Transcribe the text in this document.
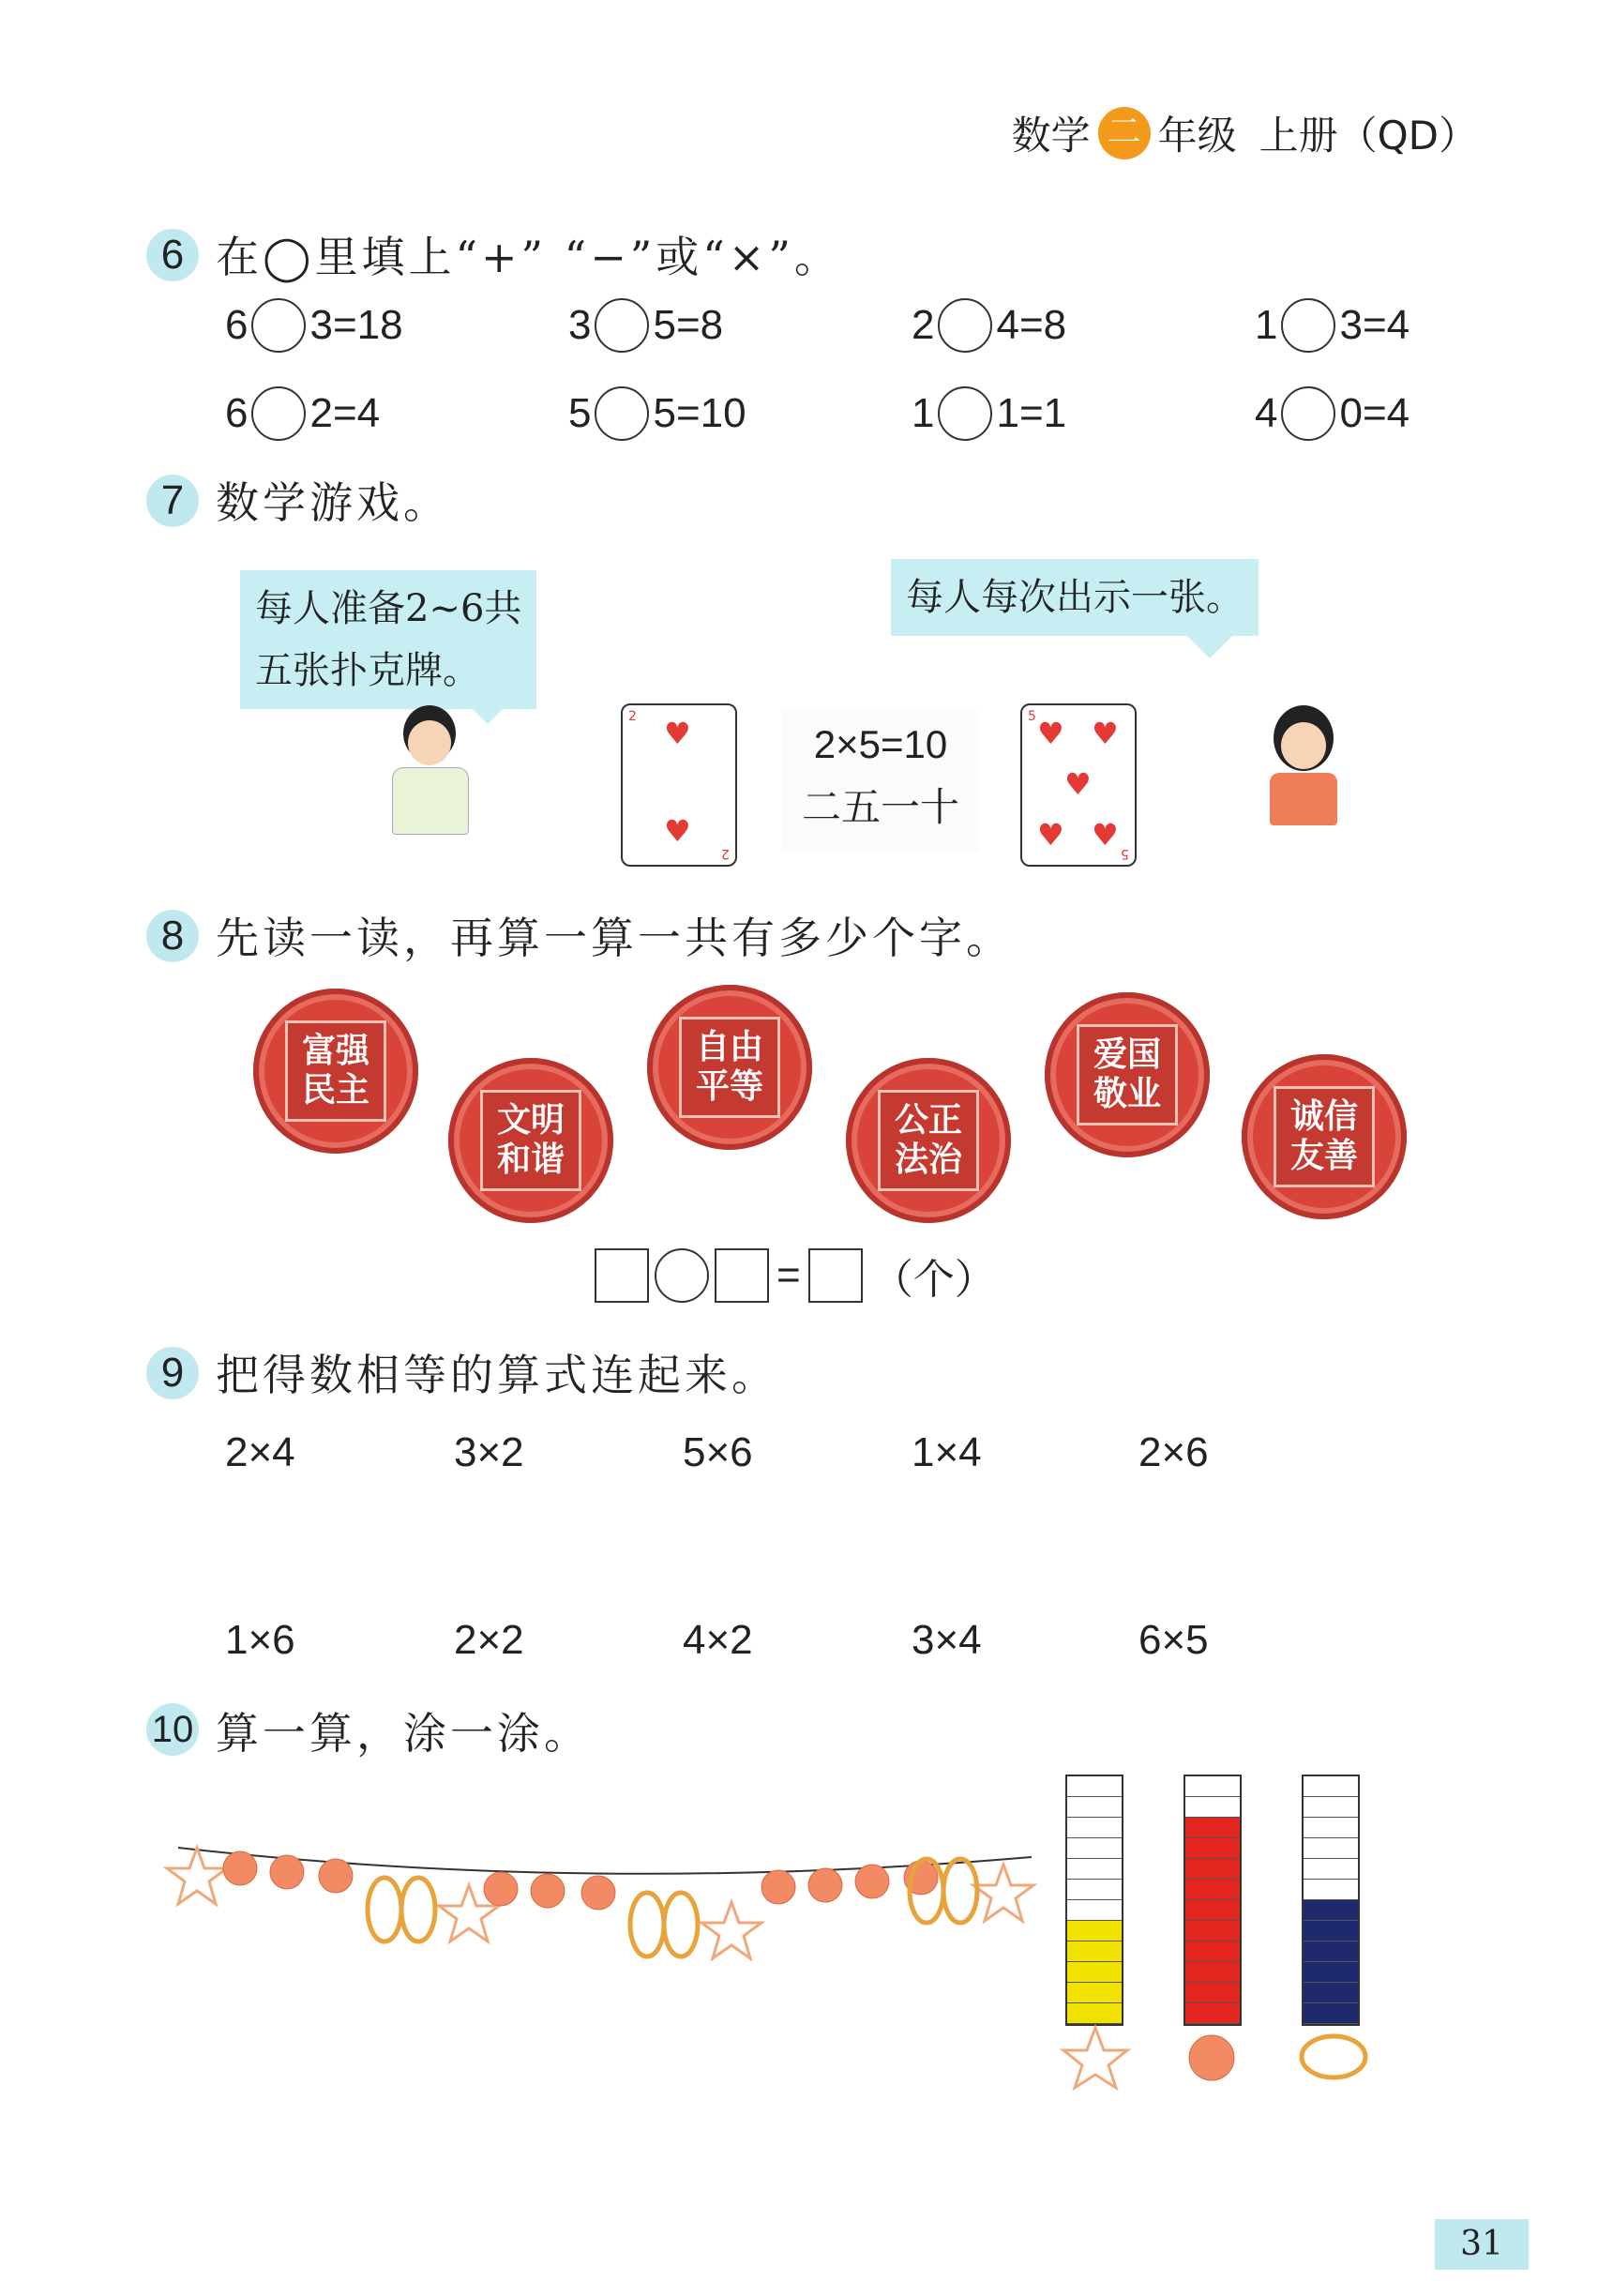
数学 二 年级 上册（QD）
6 在◯里填上“+” “−”或“×”。
6 3=18	3 5=8	2 4=8	1 3=4
6 2=4	5 5=10	1 1=1	4 0=4
7 数学游戏。
每人准备2~6共
五张扑克牌。
每人每次出示一张。
2 ♥
♥
2
2×5=10
二五一十
5 ♥ ♥
♥
♥ ♥
5
8 先读一读，再算一算一共有多少个字。
富强
民主
文明
和谐
自由
平等
公正
法治
爱国
敬业
诚信
友善
= （个）
9 把得数相等的算式连起来。
2×4	3×2	5×6	1×4	2×6
1×6	2×2	4×2	3×4	6×5
10 算一算，涂一涂。
31
